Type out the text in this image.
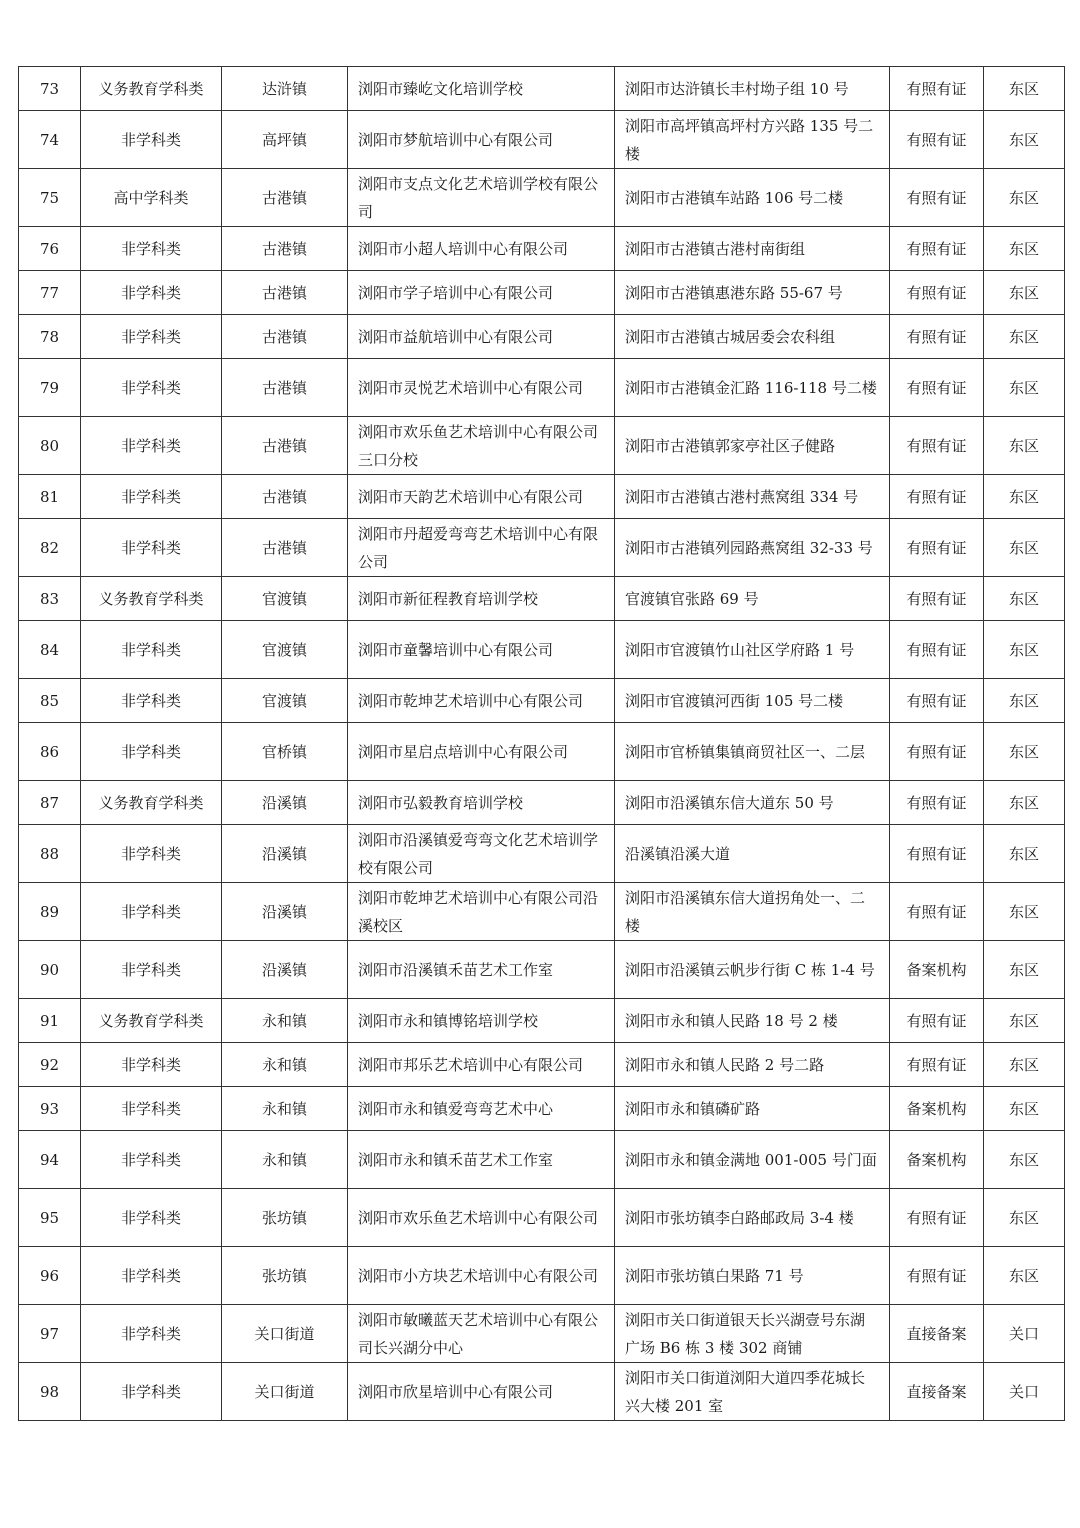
73	义务教育学科类	达浒镇	浏阳市臻屹文化培训学校	浏阳市达浒镇长丰村坳子组 10 号	有照有证	东区
74	非学科类	高坪镇	浏阳市梦航培训中心有限公司	浏阳市高坪镇高坪村方兴路 135 号二楼	有照有证	东区
75	高中学科类	古港镇	浏阳市支点文化艺术培训学校有限公司	浏阳市古港镇车站路 106 号二楼	有照有证	东区
76	非学科类	古港镇	浏阳市小超人培训中心有限公司	浏阳市古港镇古港村南街组	有照有证	东区
77	非学科类	古港镇	浏阳市学子培训中心有限公司	浏阳市古港镇惠港东路 55-67 号	有照有证	东区
78	非学科类	古港镇	浏阳市益航培训中心有限公司	浏阳市古港镇古城居委会农科组	有照有证	东区
79	非学科类	古港镇	浏阳市灵悦艺术培训中心有限公司	浏阳市古港镇金汇路 116-118 号二楼	有照有证	东区
80	非学科类	古港镇	浏阳市欢乐鱼艺术培训中心有限公司三口分校	浏阳市古港镇郭家亭社区子健路	有照有证	东区
81	非学科类	古港镇	浏阳市天韵艺术培训中心有限公司	浏阳市古港镇古港村燕窝组 334 号	有照有证	东区
82	非学科类	古港镇	浏阳市丹超爱弯弯艺术培训中心有限公司	浏阳市古港镇列园路燕窝组 32-33 号	有照有证	东区
83	义务教育学科类	官渡镇	浏阳市新征程教育培训学校	官渡镇官张路 69 号	有照有证	东区
84	非学科类	官渡镇	浏阳市童馨培训中心有限公司	浏阳市官渡镇竹山社区学府路 1 号	有照有证	东区
85	非学科类	官渡镇	浏阳市乾坤艺术培训中心有限公司	浏阳市官渡镇河西街 105 号二楼	有照有证	东区
86	非学科类	官桥镇	浏阳市星启点培训中心有限公司	浏阳市官桥镇集镇商贸社区一、二层	有照有证	东区
87	义务教育学科类	沿溪镇	浏阳市弘毅教育培训学校	浏阳市沿溪镇东信大道东 50 号	有照有证	东区
88	非学科类	沿溪镇	浏阳市沿溪镇爱弯弯文化艺术培训学校有限公司	沿溪镇沿溪大道	有照有证	东区
89	非学科类	沿溪镇	浏阳市乾坤艺术培训中心有限公司沿溪校区	浏阳市沿溪镇东信大道拐角处一、二楼	有照有证	东区
90	非学科类	沿溪镇	浏阳市沿溪镇禾苗艺术工作室	浏阳市沿溪镇云帆步行街 C 栋 1-4 号	备案机构	东区
91	义务教育学科类	永和镇	浏阳市永和镇博铭培训学校	浏阳市永和镇人民路 18 号 2 楼	有照有证	东区
92	非学科类	永和镇	浏阳市邦乐艺术培训中心有限公司	浏阳市永和镇人民路 2 号二路	有照有证	东区
93	非学科类	永和镇	浏阳市永和镇爱弯弯艺术中心	浏阳市永和镇磷矿路	备案机构	东区
94	非学科类	永和镇	浏阳市永和镇禾苗艺术工作室	浏阳市永和镇金满地 001-005 号门面	备案机构	东区
95	非学科类	张坊镇	浏阳市欢乐鱼艺术培训中心有限公司	浏阳市张坊镇李白路邮政局 3-4 楼	有照有证	东区
96	非学科类	张坊镇	浏阳市小方块艺术培训中心有限公司	浏阳市张坊镇白果路 71 号	有照有证	东区
97	非学科类	关口街道	浏阳市敏曦蓝天艺术培训中心有限公司长兴湖分中心	浏阳市关口街道银天长兴湖壹号东湖广场 B6 栋 3 楼 302 商铺	直接备案	关口
98	非学科类	关口街道	浏阳市欣星培训中心有限公司	浏阳市关口街道浏阳大道四季花城长兴大楼 201 室	直接备案	关口
